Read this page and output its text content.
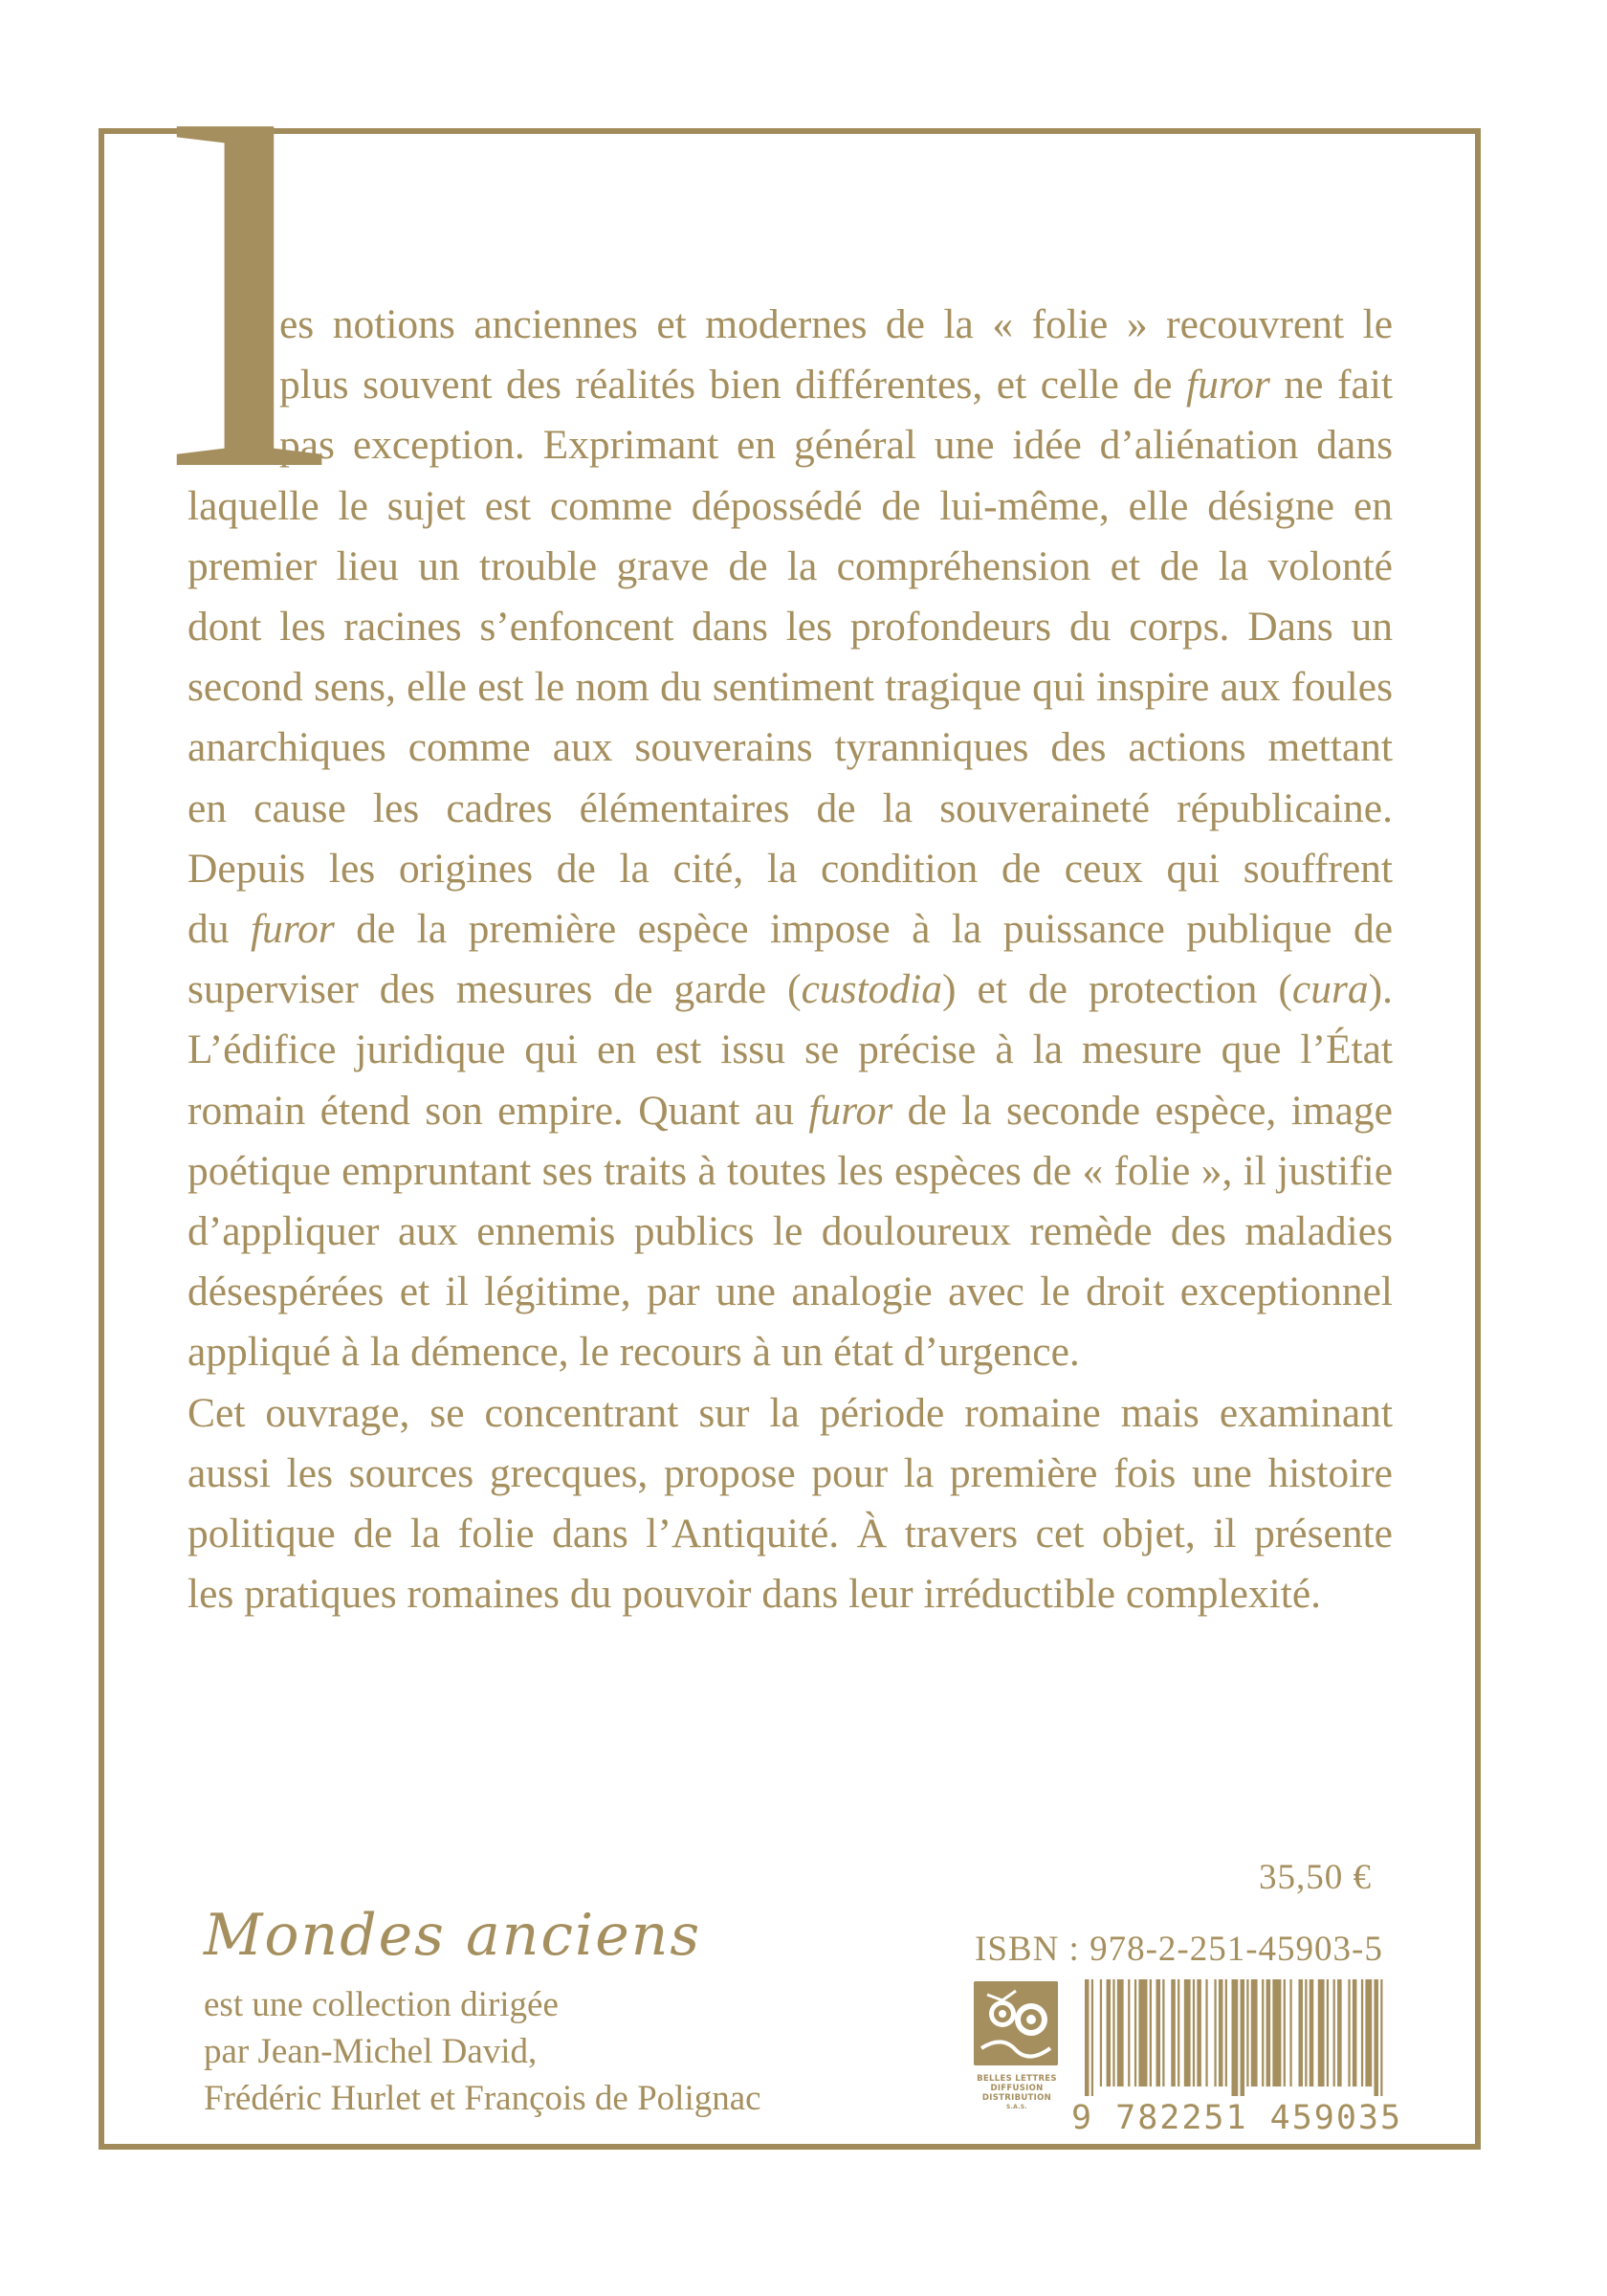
l
es notions anciennes et modernes de la « folie » recouvrent le
plus souvent des réalités bien différentes, et celle de furor ne fait
pas exception. Exprimant en général une idée d’aliénation dans
laquelle le sujet est comme dépossédé de lui-même, elle désigne en
premier lieu un trouble grave de la compréhension et de la volonté
dont les racines s’enfoncent dans les profondeurs du corps. Dans un
second sens, elle est le nom du sentiment tragique qui inspire aux foules
anarchiques comme aux souverains tyranniques des actions mettant
en cause les cadres élémentaires de la souveraineté républicaine.
Depuis les origines de la cité, la condition de ceux qui souffrent
du furor de la première espèce impose à la puissance publique de
superviser des mesures de garde (custodia) et de protection (cura).
L’édifice juridique qui en est issu se précise à la mesure que l’État
romain étend son empire. Quant au furor de la seconde espèce, image
poétique empruntant ses traits à toutes les espèces de « folie », il justifie
d’appliquer aux ennemis publics le douloureux remède des maladies
désespérées et il légitime, par une analogie avec le droit exceptionnel
appliqué à la démence, le recours à un état d’urgence.
Cet ouvrage, se concentrant sur la période romaine mais examinant
aussi les sources grecques, propose pour la première fois une histoire
politique de la folie dans l’Antiquité. À travers cet objet, il présente
les pratiques romaines du pouvoir dans leur irréductible complexité.
35,50 €
Mondes anciens
est une collection dirigée
par Jean-Michel David,
Frédéric Hurlet et François de Polignac
ISBN : 978-2-251-45903-5
BELLES LETTRES
DIFFUSION
DISTRIBUTION
S.A.S.	9 782251 459035
